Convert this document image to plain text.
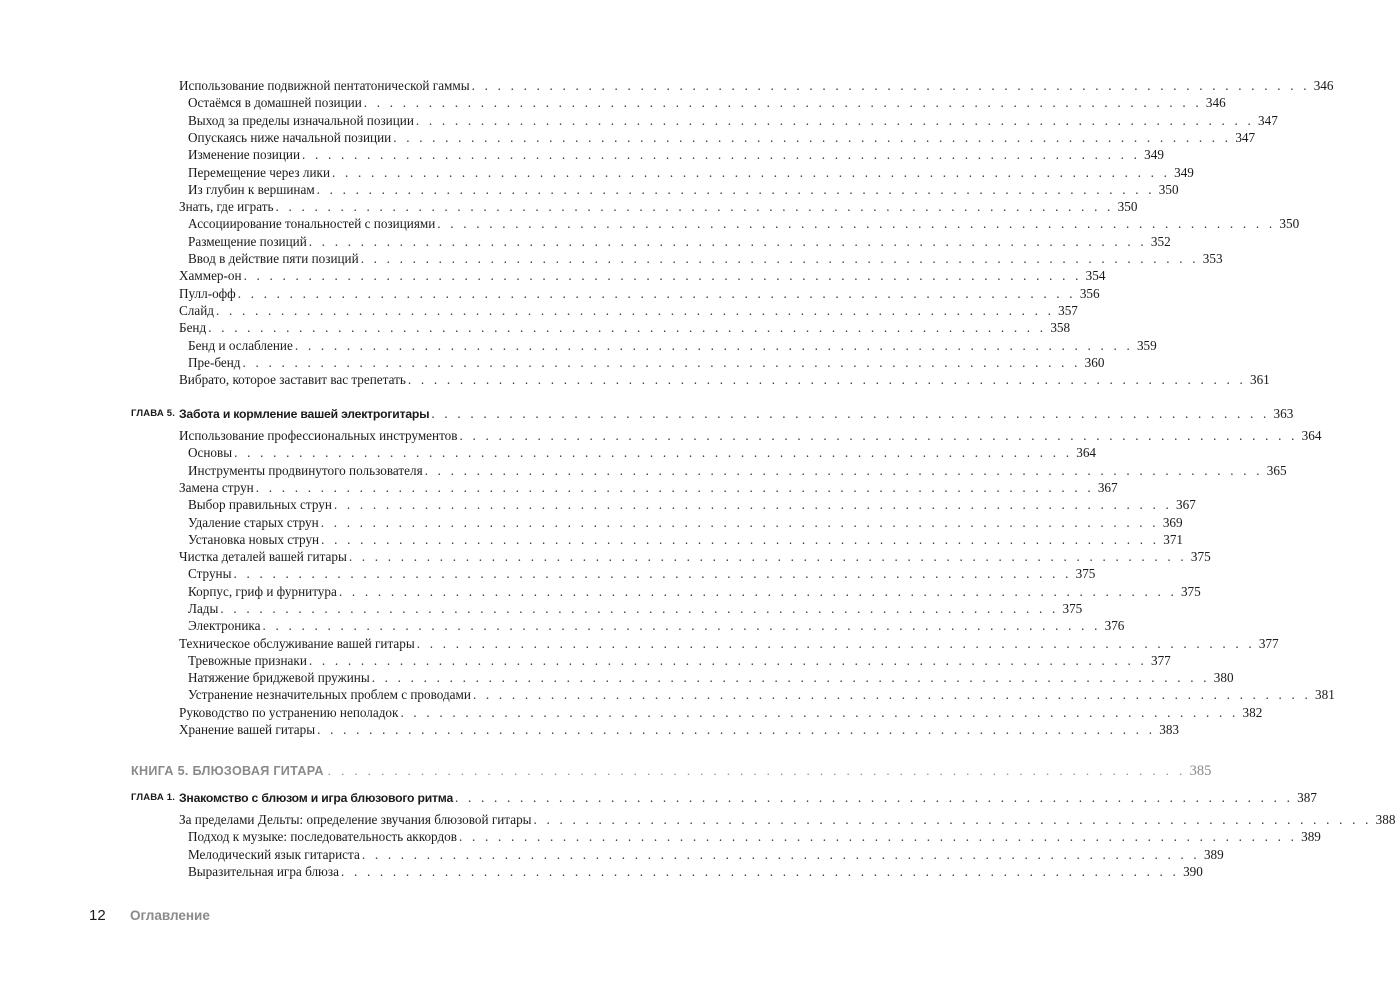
Использование подвижной пентатонической гаммы . . . . . . . . . . . . . . . . . . . . . . . . . . . . . . . . . . . . . . . . . . . . . . . . . . . . . . . . . . . . . . . . . 346
Остаёмся в домашней позиции . . . . . . . . . . . . . . . . . . . . . . . . . . . . . . . . . . . . . . . . . . . . . . . . . . . . . . . . . . . . . . . . . 346
Выход за пределы изначальной позиции . . . . . . . . . . . . . . . . . . . . . . . . . . . . . . . . . . . . . . . . . . . . . . . . . . . . . . . . . . . . . . . . . 347
Опускаясь ниже начальной позиции . . . . . . . . . . . . . . . . . . . . . . . . . . . . . . . . . . . . . . . . . . . . . . . . . . . . . . . . . . . . . . . . . 347
Изменение позиции . . . . . . . . . . . . . . . . . . . . . . . . . . . . . . . . . . . . . . . . . . . . . . . . . . . . . . . . . . . . . . . . . 349
Перемещение через лики . . . . . . . . . . . . . . . . . . . . . . . . . . . . . . . . . . . . . . . . . . . . . . . . . . . . . . . . . . . . . . . . . 349
Из глубин к вершинам . . . . . . . . . . . . . . . . . . . . . . . . . . . . . . . . . . . . . . . . . . . . . . . . . . . . . . . . . . . . . . . . . 350
Знать, где играть . . . . . . . . . . . . . . . . . . . . . . . . . . . . . . . . . . . . . . . . . . . . . . . . . . . . . . . . . . . . . . . . . 350
Ассоциирование тональностей с позициями . . . . . . . . . . . . . . . . . . . . . . . . . . . . . . . . . . . . . . . . . . . . . . . . . . . . . . . . . . . . . . . . . 350
Размещение позиций . . . . . . . . . . . . . . . . . . . . . . . . . . . . . . . . . . . . . . . . . . . . . . . . . . . . . . . . . . . . . . . . . 352
Ввод в действие пяти позиций . . . . . . . . . . . . . . . . . . . . . . . . . . . . . . . . . . . . . . . . . . . . . . . . . . . . . . . . . . . . . . . . . 353
Хаммер-он . . . . . . . . . . . . . . . . . . . . . . . . . . . . . . . . . . . . . . . . . . . . . . . . . . . . . . . . . . . . . . . . . 354
Пулл-офф . . . . . . . . . . . . . . . . . . . . . . . . . . . . . . . . . . . . . . . . . . . . . . . . . . . . . . . . . . . . . . . . . 356
Слайд . . . . . . . . . . . . . . . . . . . . . . . . . . . . . . . . . . . . . . . . . . . . . . . . . . . . . . . . . . . . . . . . . 357
Бенд . . . . . . . . . . . . . . . . . . . . . . . . . . . . . . . . . . . . . . . . . . . . . . . . . . . . . . . . . . . . . . . . . 358
Бенд и ослабление . . . . . . . . . . . . . . . . . . . . . . . . . . . . . . . . . . . . . . . . . . . . . . . . . . . . . . . . . . . . . . . . . 359
Пре-бенд . . . . . . . . . . . . . . . . . . . . . . . . . . . . . . . . . . . . . . . . . . . . . . . . . . . . . . . . . . . . . . . . . 360
Вибрато, которое заставит вас трепетать . . . . . . . . . . . . . . . . . . . . . . . . . . . . . . . . . . . . . . . . . . . . . . . . . . . . . . . . . . . . . . . . . 361
ГЛАВА 5. Забота и кормление вашей электрогитары . . . . . . . . . . . . . . . . . . . . . . . . . . . . . . . . . . . . . . . . . . . . . . . . . . . . . . . . . . . . . . . . . 363
Использование профессиональных инструментов . . . . . . . . . . . . . . . . . . . . . . . . . . . . . . . . . . . . . . . . . . . . . . . . . . . . . . . . . . . . . . . . . 364
Основы . . . . . . . . . . . . . . . . . . . . . . . . . . . . . . . . . . . . . . . . . . . . . . . . . . . . . . . . . . . . . . . . . 364
Инструменты продвинутого пользователя . . . . . . . . . . . . . . . . . . . . . . . . . . . . . . . . . . . . . . . . . . . . . . . . . . . . . . . . . . . . . . . . . 365
Замена струн . . . . . . . . . . . . . . . . . . . . . . . . . . . . . . . . . . . . . . . . . . . . . . . . . . . . . . . . . . . . . . . . . 367
Выбор правильных струн . . . . . . . . . . . . . . . . . . . . . . . . . . . . . . . . . . . . . . . . . . . . . . . . . . . . . . . . . . . . . . . . . 367
Удаление старых струн . . . . . . . . . . . . . . . . . . . . . . . . . . . . . . . . . . . . . . . . . . . . . . . . . . . . . . . . . . . . . . . . . 369
Установка новых струн . . . . . . . . . . . . . . . . . . . . . . . . . . . . . . . . . . . . . . . . . . . . . . . . . . . . . . . . . . . . . . . . . 371
Чистка деталей вашей гитары . . . . . . . . . . . . . . . . . . . . . . . . . . . . . . . . . . . . . . . . . . . . . . . . . . . . . . . . . . . . . . . . . 375
Струны . . . . . . . . . . . . . . . . . . . . . . . . . . . . . . . . . . . . . . . . . . . . . . . . . . . . . . . . . . . . . . . . . 375
Корпус, гриф и фурнитура . . . . . . . . . . . . . . . . . . . . . . . . . . . . . . . . . . . . . . . . . . . . . . . . . . . . . . . . . . . . . . . . . 375
Лады . . . . . . . . . . . . . . . . . . . . . . . . . . . . . . . . . . . . . . . . . . . . . . . . . . . . . . . . . . . . . . . . . 375
Электроника . . . . . . . . . . . . . . . . . . . . . . . . . . . . . . . . . . . . . . . . . . . . . . . . . . . . . . . . . . . . . . . . . 376
Техническое обслуживание вашей гитары . . . . . . . . . . . . . . . . . . . . . . . . . . . . . . . . . . . . . . . . . . . . . . . . . . . . . . . . . . . . . . . . . 377
Тревожные признаки . . . . . . . . . . . . . . . . . . . . . . . . . . . . . . . . . . . . . . . . . . . . . . . . . . . . . . . . . . . . . . . . . 377
Натяжение бриджевой пружины . . . . . . . . . . . . . . . . . . . . . . . . . . . . . . . . . . . . . . . . . . . . . . . . . . . . . . . . . . . . . . . . . 380
Устранение незначительных проблем с проводами . . . . . . . . . . . . . . . . . . . . . . . . . . . . . . . . . . . . . . . . . . . . . . . . . . . . . . . . . . . . . . . . . 381
Руководство по устранению неполадок . . . . . . . . . . . . . . . . . . . . . . . . . . . . . . . . . . . . . . . . . . . . . . . . . . . . . . . . . . . . . . . . . 382
Хранение вашей гитары . . . . . . . . . . . . . . . . . . . . . . . . . . . . . . . . . . . . . . . . . . . . . . . . . . . . . . . . . . . . . . . . . 383
КНИГА 5. БЛЮЗОВАЯ ГИТАРА . . . . . . . . . . . . . . . . . . . . . . . . . . . . . . . . . . . . . . . . . . . . . . . . . . . . . . . . . . . . . . . . . 385
ГЛАВА 1. Знакомство с блюзом и игра блюзового ритма . . . . . . . . . . . . . . . . . . . . . . . . . . . . . . . . . . . . . . . . . . . . . . . . . . . . . . . . . . . . . . . . . 387
За пределами Дельты: определение звучания блюзовой гитары . . . . . . . . . . . . . . . . . . . . . . . . . . . . . . . . . . . . . . . . . . . . . . . . . . . . . . . . . . . . . . . . . 388
Подход к музыке: последовательность аккордов . . . . . . . . . . . . . . . . . . . . . . . . . . . . . . . . . . . . . . . . . . . . . . . . . . . . . . . . . . . . . . . . . 389
Мелодический язык гитариста . . . . . . . . . . . . . . . . . . . . . . . . . . . . . . . . . . . . . . . . . . . . . . . . . . . . . . . . . . . . . . . . . 389
Выразительная игра блюза . . . . . . . . . . . . . . . . . . . . . . . . . . . . . . . . . . . . . . . . . . . . . . . . . . . . . . . . . . . . . . . . . 390
12 Оглавление
